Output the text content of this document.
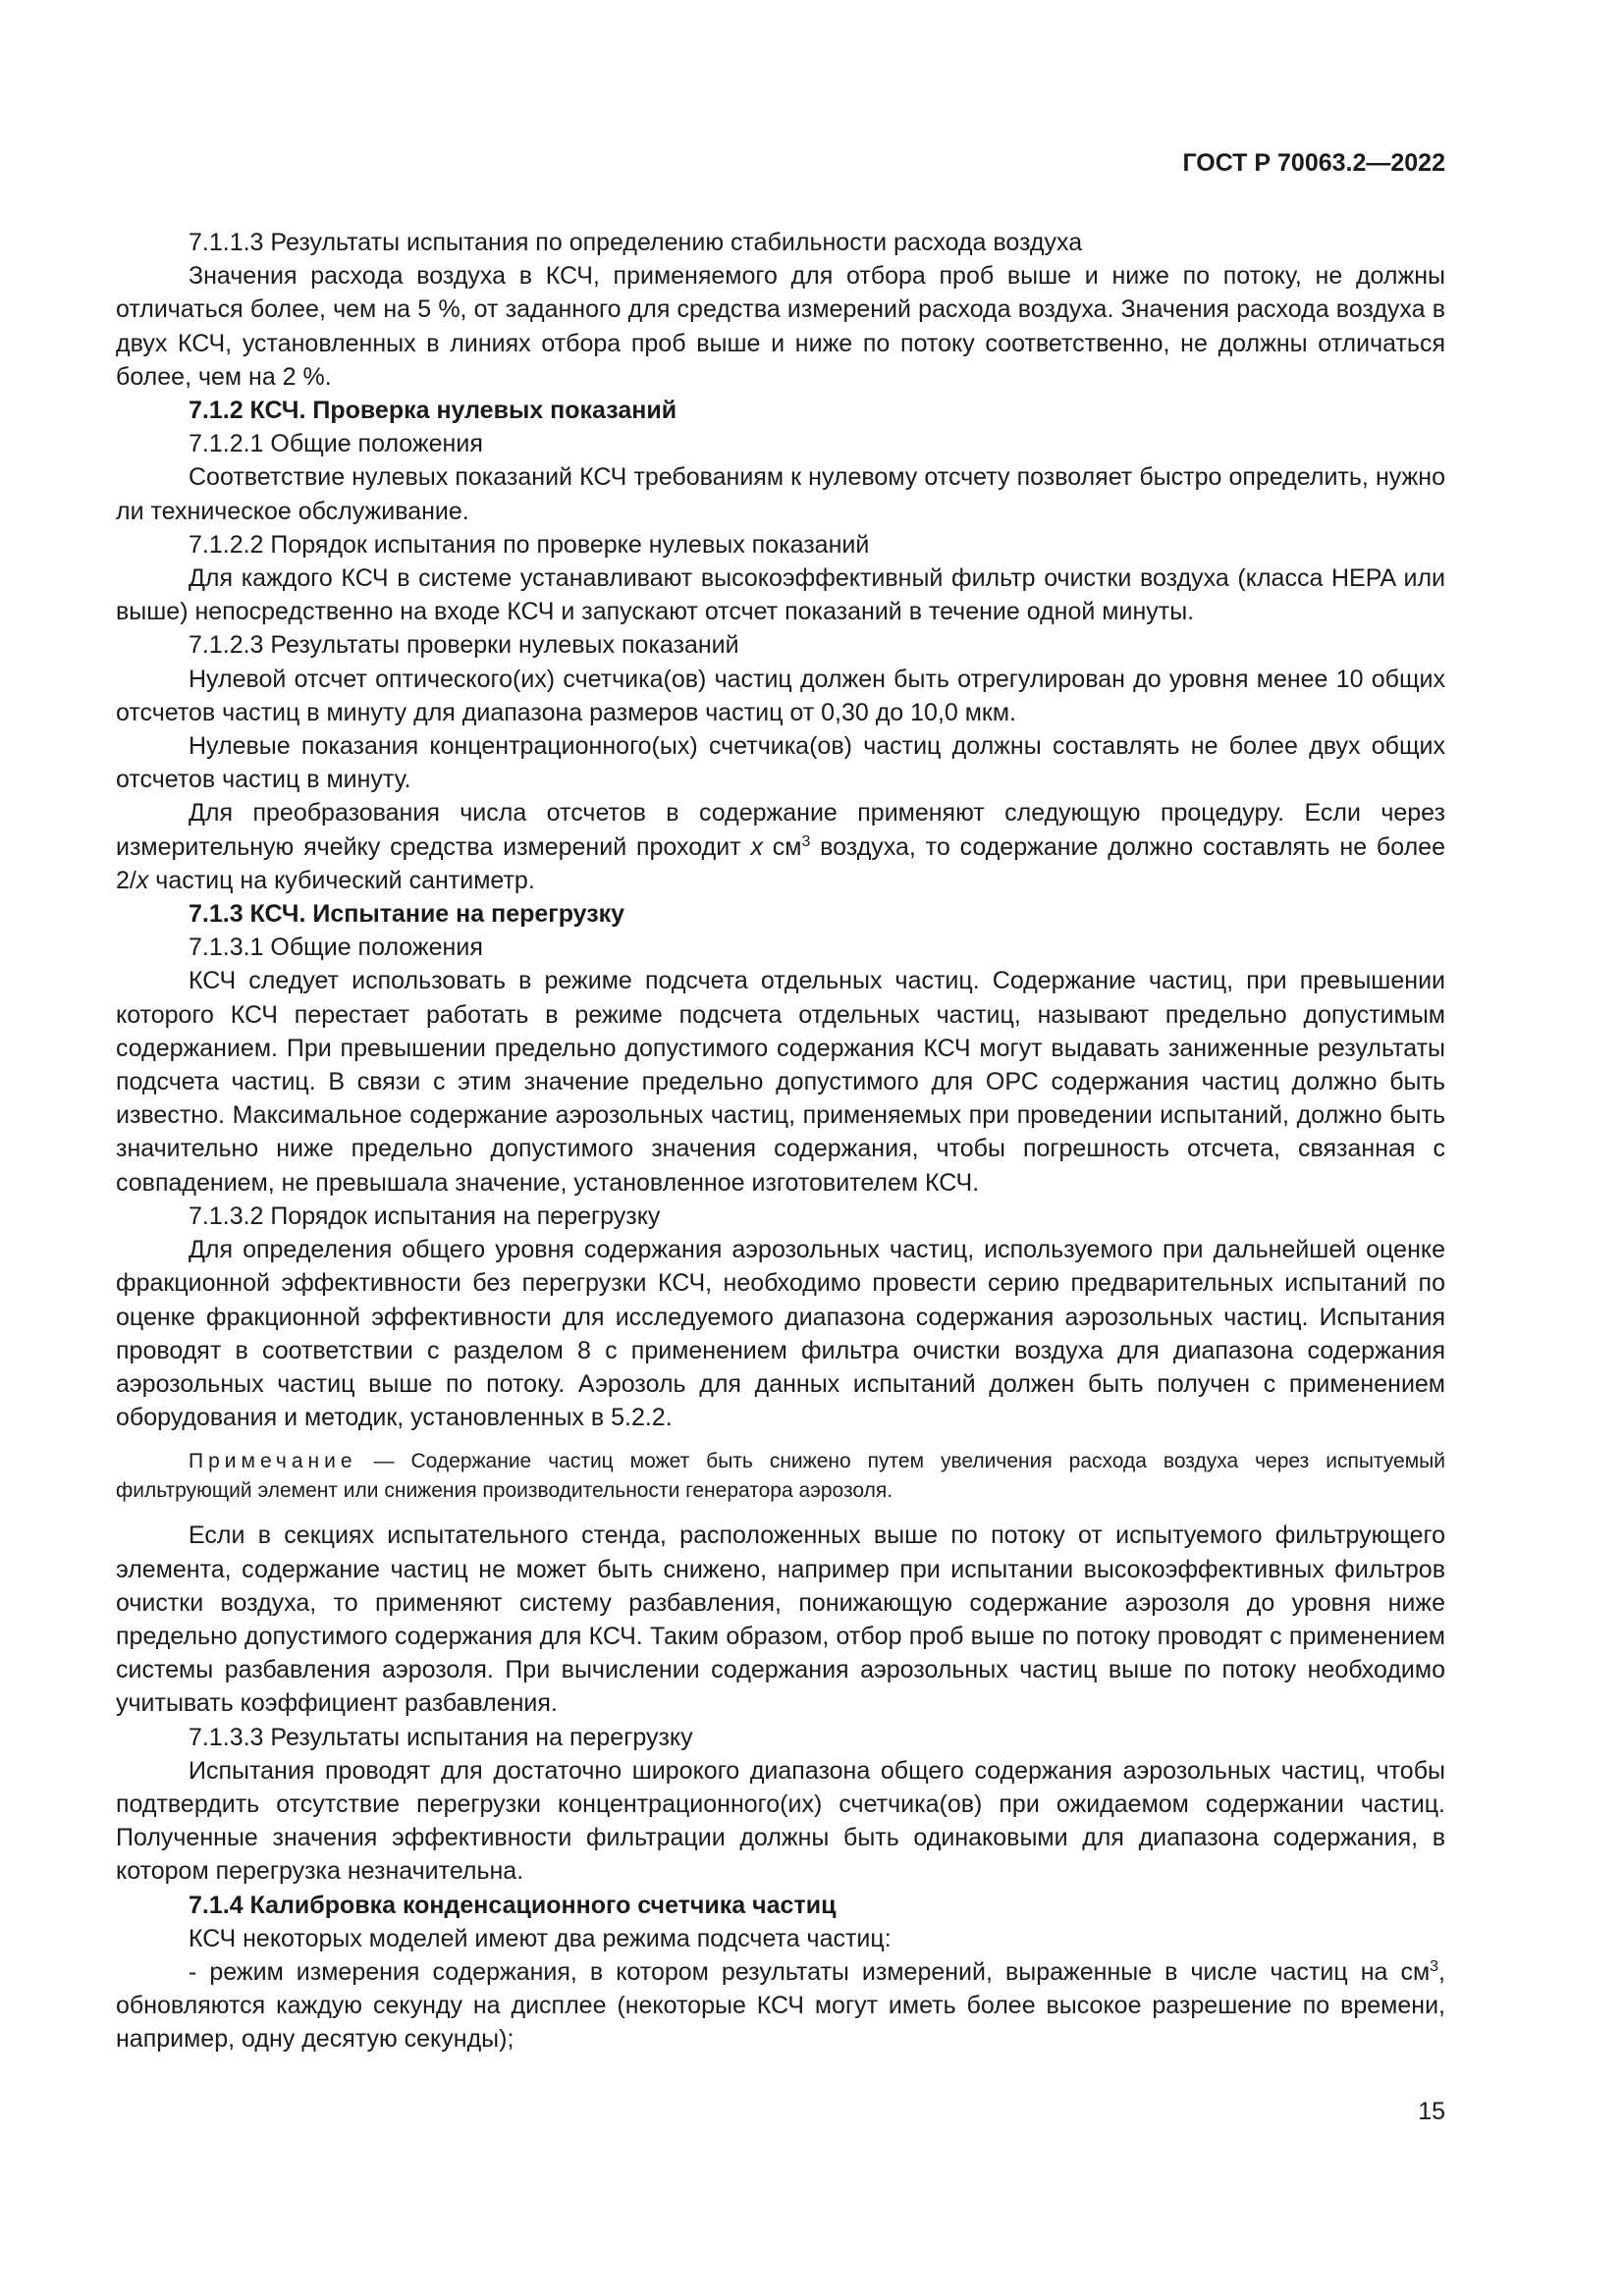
ГОСТ Р 70063.2—2022

7.1.1.3 Результаты испытания по определению стабильности расхода воздуха

Значения расхода воздуха в КСЧ, применяемого для отбора проб выше и ниже по потоку, не должны отличаться более, чем на 5 %, от заданного для средства измерений расхода воздуха. Значения расхода воздуха в двух КСЧ, установленных в линиях отбора проб выше и ниже по потоку соответственно, не должны отличаться более, чем на 2 %.

7.1.2 КСЧ. Проверка нулевых показаний

7.1.2.1 Общие положения

Соответствие нулевых показаний КСЧ требованиям к нулевому отсчету позволяет быстро определить, нужно ли техническое обслуживание.

7.1.2.2 Порядок испытания по проверке нулевых показаний

Для каждого КСЧ в системе устанавливают высокоэффективный фильтр очистки воздуха (класса HEPA или выше) непосредственно на входе КСЧ и запускают отсчет показаний в течение одной минуты.

7.1.2.3 Результаты проверки нулевых показаний

Нулевой отсчет оптического(их) счетчика(ов) частиц должен быть отрегулирован до уровня менее 10 общих отсчетов частиц в минуту для диапазона размеров частиц от 0,30 до 10,0 мкм.

Нулевые показания концентрационного(ых) счетчика(ов) частиц должны составлять не более двух общих отсчетов частиц в минуту.

Для преобразования числа отсчетов в содержание применяют следующую процедуру. Если через измерительную ячейку средства измерений проходит x $см^3$ воздуха, то содержание должно составлять не более 2/x частиц на кубический сантиметр.

7.1.3 КСЧ. Испытание на перегрузку

7.1.3.1 Общие положения

КСЧ следует использовать в режиме подсчета отдельных частиц. Содержание частиц, при превышении которого КСЧ перестает работать в режиме подсчета отдельных частиц, называют предельно допустимым содержанием. При превышении предельно допустимого содержания КСЧ могут выдавать заниженные результаты подсчета частиц. В связи с этим значение предельно допустимого для ОРС содержания частиц должно быть известно. Максимальное содержание аэрозольных частиц, применяемых при проведении испытаний, должно быть значительно ниже предельно допустимого значения содержания, чтобы погрешность отсчета, связанная с совпадением, не превышала значение, установленное изготовителем КСЧ.

7.1.3.2 Порядок испытания на перегрузку

Для определения общего уровня содержания аэрозольных частиц, используемого при дальнейшей оценке фракционной эффективности без перегрузки КСЧ, необходимо провести серию предварительных испытаний по оценке фракционной эффективности для исследуемого диапазона содержания аэрозольных частиц. Испытания проводят в соответствии с разделом 8 с применением фильтра очистки воздуха для диапазона содержания аэрозольных частиц выше по потоку. Аэрозоль для данных испытаний должен быть получен с применением оборудования и методик, установленных в 5.2.2.

Примечание — Содержание частиц может быть снижено путем увеличения расхода воздуха через испытуемый фильтрующий элемент или снижения производительности генератора аэрозоля.

Если в секциях испытательного стенда, расположенных выше по потоку от испытуемого фильтрующего элемента, содержание частиц не может быть снижено, например при испытании высокоэффективных фильтров очистки воздуха, то применяют систему разбавления, понижающую содержание аэрозоля до уровня ниже предельно допустимого содержания для КСЧ. Таким образом, отбор проб выше по потоку проводят с применением системы разбавления аэрозоля. При вычислении содержания аэрозольных частиц выше по потоку необходимо учитывать коэффициент разбавления.

7.1.3.3 Результаты испытания на перегрузку

Испытания проводят для достаточно широкого диапазона общего содержания аэрозольных частиц, чтобы подтвердить отсутствие перегрузки концентрационного(их) счетчика(ов) при ожидаемом содержании частиц. Полученные значения эффективности фильтрации должны быть одинаковыми для диапазона содержания, в котором перегрузка незначительна.

7.1.4 Калибровка конденсационного счетчика частиц

КСЧ некоторых моделей имеют два режима подсчета частиц:

- режим измерения содержания, в котором результаты измерений, выраженные в числе частиц на $см^3$, обновляются каждую секунду на дисплее (некоторые КСЧ могут иметь более высокое разрешение по времени, например, одну десятую секунды);

15
